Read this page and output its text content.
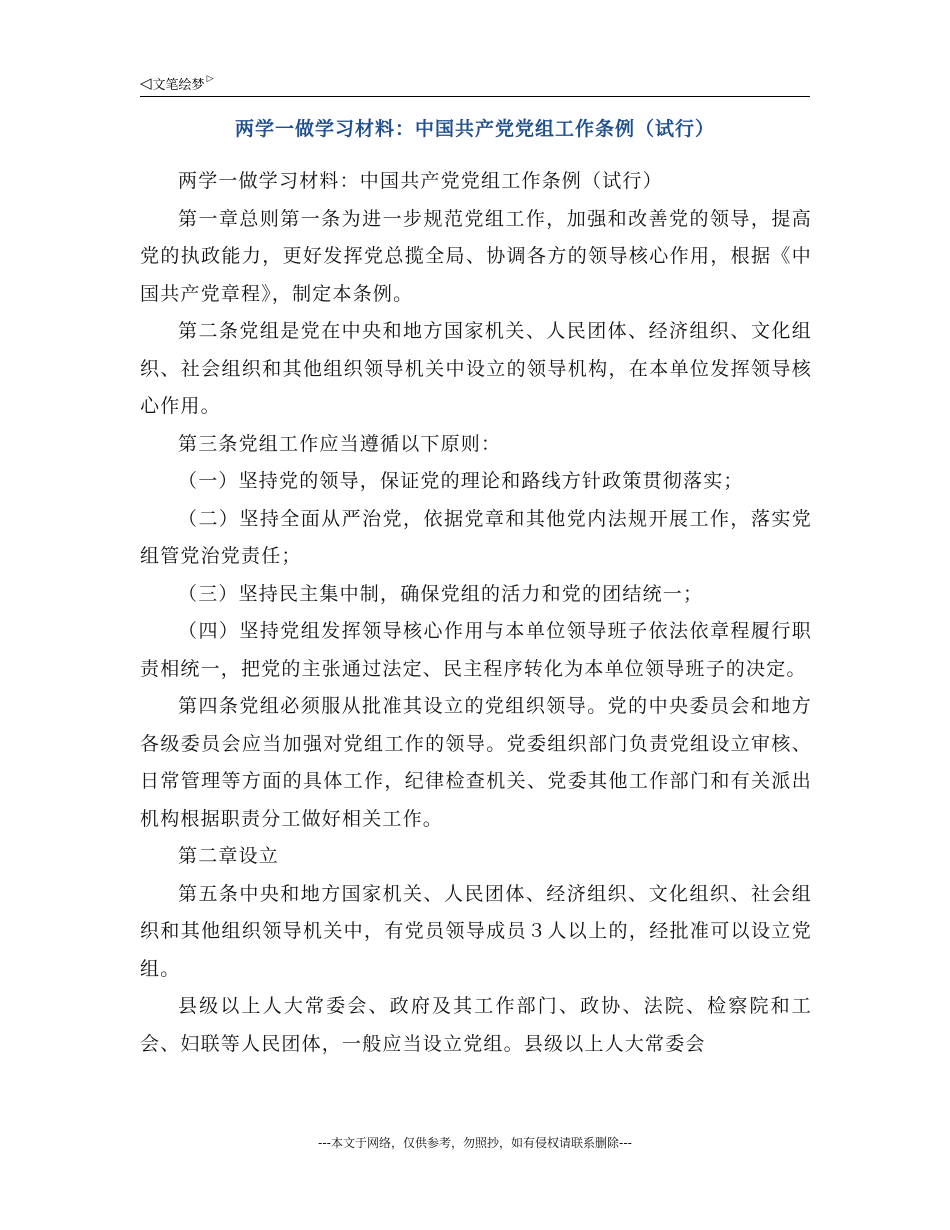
◁ 文笔绘梦 ▷
两学一做学习材料：中国共产党党组工作条例（试行）

两学一做学习材料：中国共产党党组工作条例（试行）

第一章总则第一条为进一步规范党组工作，加强和改善党的领导，提高党的执政能力，更好发挥党总揽全局、协调各方的领导核心作用，根据《中国共产党章程》，制定本条例。

第二条党组是党在中央和地方国家机关、人民团体、经济组织、文化组织、社会组织和其他组织领导机关中设立的领导机构，在本单位发挥领导核心作用。

第三条党组工作应当遵循以下原则：

（一）坚持党的领导，保证党的理论和路线方针政策贯彻落实；

（二）坚持全面从严治党，依据党章和其他党内法规开展工作，落实党组管党治党责任；

（三）坚持民主集中制，确保党组的活力和党的团结统一；

（四）坚持党组发挥领导核心作用与本单位领导班子依法依章程履行职责相统一，把党的主张通过法定、民主程序转化为本单位领导班子的决定。

第四条党组必须服从批准其设立的党组织领导。党的中央委员会和地方各级委员会应当加强对党组工作的领导。党委组织部门负责党组设立审核、日常管理等方面的具体工作，纪律检查机关、党委其他工作部门和有关派出机构根据职责分工做好相关工作。

第二章设立

第五条中央和地方国家机关、人民团体、经济组织、文化组织、社会组织和其他组织领导机关中，有党员领导成员３人以上的，经批准可以设立党组。

县级以上人大常委会、政府及其工作部门、政协、法院、检察院和工会、妇联等人民团体，一般应当设立党组。县级以上人大常委会

---本文于网络，仅供参考，勿照抄，如有侵权请联系删除---
